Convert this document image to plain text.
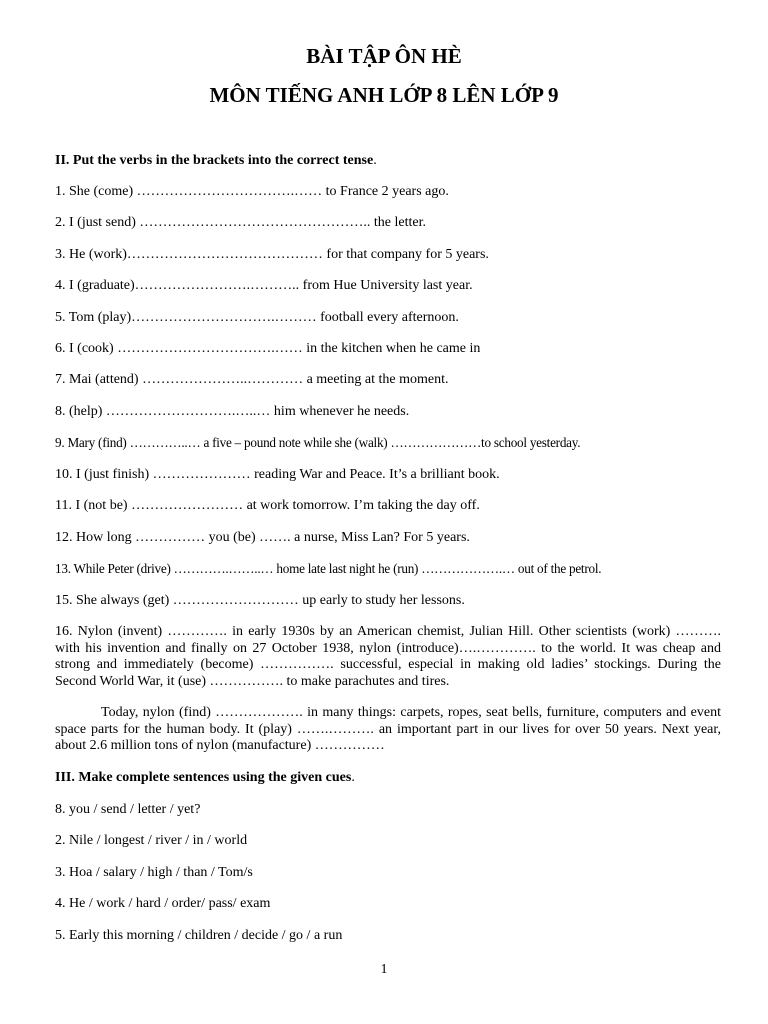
BÀI TẬP ÔN HÈ
MÔN TIẾNG ANH LỚP 8 LÊN LỚP 9
II. Put the verbs in the brackets into the correct tense.
1. She (come) …………………………….…… to France 2 years ago.
2. I (just send) ………………………………………….. the letter.
3. He (work)…………………………………… for that company for 5 years.
4. I (graduate)…………………….……….. from Hue University last year.
5. Tom (play)………………………….……… football every afternoon.
6. I (cook) …………………………….…… in the kitchen when he came in
7. Mai (attend) …………………..………… a meeting at the moment.
8. (help) ……………………….…..… him whenever he needs.
9. Mary (find) …………..… a five – pound note while she (walk) …………………to school yesterday.
10. I (just finish) ………………… reading War and Peace. It’s a brilliant book.
11. I (not be) …………………… at work tomorrow. I’m taking the day off.
12. How long …………… you (be) ……. a nurse, Miss Lan? For 5 years.
13. While Peter (drive) ………….……..… home late last night he (run) ……………….… out of the petrol.
15. She always (get) ……………………… up early to study her lessons.
16. Nylon (invent) …………. in early 1930s by an American chemist, Julian Hill. Other scientists (work) ………. with his invention and finally on 27 October 1938, nylon (introduce)….…………. to the world. It was cheap and strong and immediately (become) ……………. successful, especial in making old ladies’ stockings. During the Second World War, it (use) ……………. to make parachutes and tires.
Today, nylon (find) ………………. in many things: carpets, ropes, seat bells, furniture, computers and event space parts for the human body. It (play) …….………. an important part in our lives for over 50 years. Next year, about 2.6 million tons of nylon (manufacture) ……………
III. Make complete sentences using the given cues.
8. you / send / letter / yet?
2. Nile / longest / river / in / world
3. Hoa / salary / high / than / Tom/s
4. He / work / hard / order/ pass/ exam
5. Early this morning / children / decide / go / a run
1
